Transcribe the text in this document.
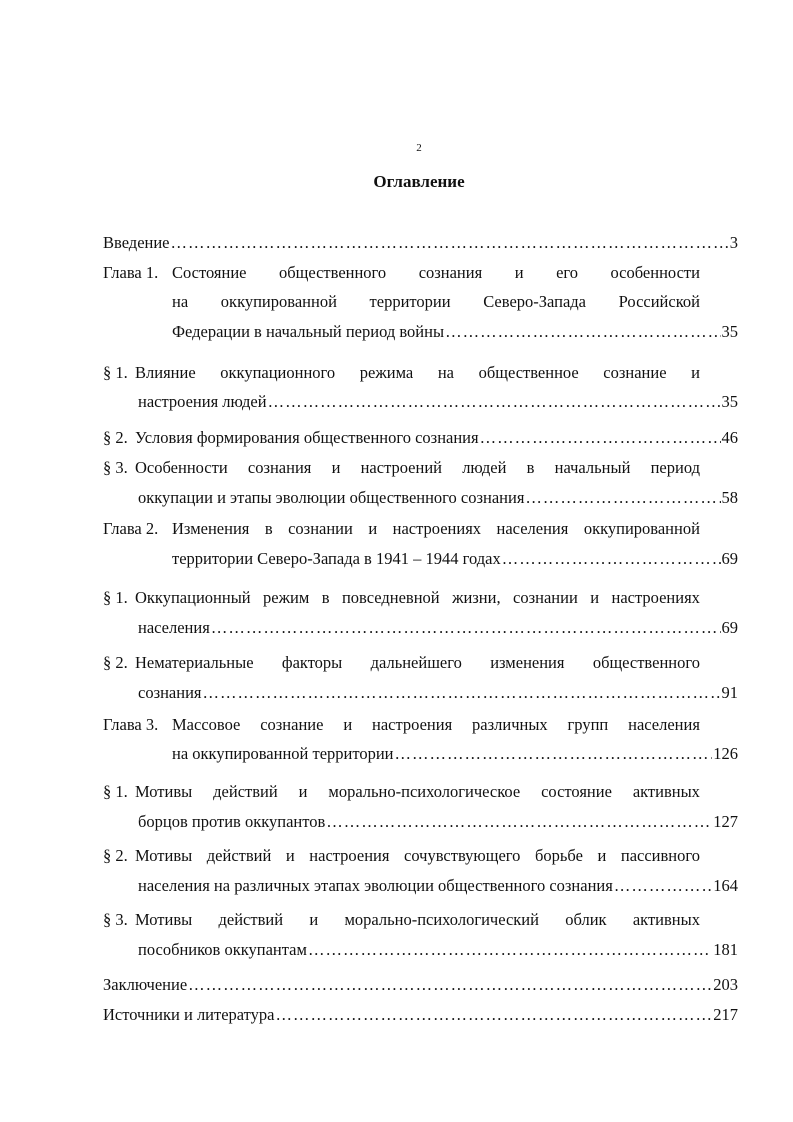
2
Оглавление
Введение ………………………………………………………………………………………………………………………………………………………………………………………………	3
Глава 1. Состояние общественного сознания и его особенности
на оккупированной территории Северо-Запада Российской
Федерации в начальный период войны ………………………………………………………………………………………………………………………………………………………………………………………………	35
§ 1. Влияние оккупационного режима на общественное сознание и
настроения людей ………………………………………………………………………………………………………………………………………………………………………………………………	35
§ 2. Условия формирования общественного сознания ………………………………………………………………………………………………………………………………………………………………………………………………	46
§ 3. Особенности сознания и настроений людей в начальный период
оккупации и этапы эволюции общественного сознания ………………………………………………………………………………………………………………………………………………………………………………………………	58
Глава 2. Изменения в сознании и настроениях населения оккупированной
территории Северо-Запада в 1941 – 1944 годах ………………………………………………………………………………………………………………………………………………………………………………………………	69
§ 1. Оккупационный режим в повседневной жизни, сознании и настроениях
населения ………………………………………………………………………………………………………………………………………………………………………………………………	69
§ 2. Нематериальные факторы дальнейшего изменения общественного
сознания ………………………………………………………………………………………………………………………………………………………………………………………………	91
Глава 3. Массовое сознание и настроения различных групп населения
на оккупированной территории ………………………………………………………………………………………………………………………………………………………………………………………………	126
§ 1. Мотивы действий и морально-психологическое состояние активных
борцов против оккупантов ………………………………………………………………………………………………………………………………………………………………………………………………	127
§ 2. Мотивы действий и настроения сочувствующего борьбе и пассивного
населения на различных этапах эволюции общественного сознания ………………………………………………………………………………………………………………………………………………………………………………………………	164
§ 3. Мотивы действий и морально-психологический облик активных
пособников оккупантам ………………………………………………………………………………………………………………………………………………………………………………………………	181
Заключение ………………………………………………………………………………………………………………………………………………………………………………………………	203
Источники и литература ………………………………………………………………………………………………………………………………………………………………………………………………	217
